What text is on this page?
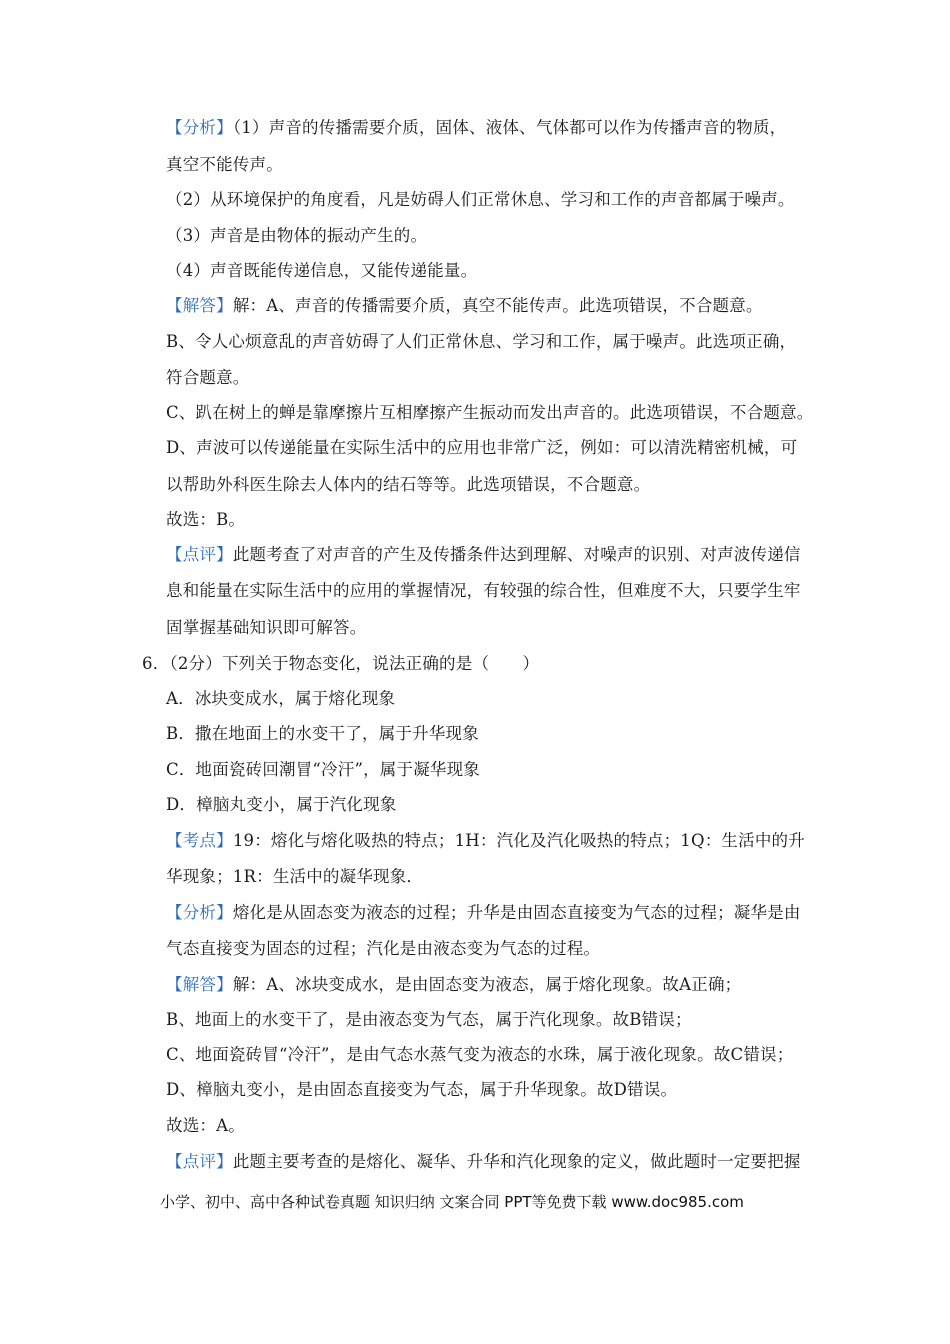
【分析】（1）声音的传播需要介质，固体、液体、气体都可以作为传播声音的物质，
真空不能传声。
（2）从环境保护的角度看，凡是妨碍人们正常休息、学习和工作的声音都属于噪声。
（3）声音是由物体的振动产生的。
（4）声音既能传递信息，又能传递能量。
【解答】解：A、声音的传播需要介质，真空不能传声。此选项错误，不合题意。
B、令人心烦意乱的声音妨碍了人们正常休息、学习和工作，属于噪声。此选项正确，
符合题意。
C、趴在树上的蝉是靠摩擦片互相摩擦产生振动而发出声音的。此选项错误，不合题意。
D、声波可以传递能量在实际生活中的应用也非常广泛，例如：可以清洗精密机械，可
以帮助外科医生除去人体内的结石等等。此选项错误，不合题意。
故选：B。
【点评】此题考查了对声音的产生及传播条件达到理解、对噪声的识别、对声波传递信
息和能量在实际生活中的应用的掌握情况，有较强的综合性，但难度不大，只要学生牢
固掌握基础知识即可解答。
6．（2分）下列关于物态变化，说法正确的是（　　）
A．冰块变成水，属于熔化现象
B．撒在地面上的水变干了，属于升华现象
C．地面瓷砖回潮冒“冷汗”，属于凝华现象
D．樟脑丸变小，属于汽化现象
【考点】19：熔化与熔化吸热的特点；1H：汽化及汽化吸热的特点；1Q：生活中的升
华现象；1R：生活中的凝华现象．
【分析】熔化是从固态变为液态的过程；升华是由固态直接变为气态的过程；凝华是由
气态直接变为固态的过程；汽化是由液态变为气态的过程。
【解答】解：A、冰块变成水，是由固态变为液态，属于熔化现象。故A正确；
B、地面上的水变干了，是由液态变为气态，属于汽化现象。故B错误；
C、地面瓷砖冒“冷汗”，是由气态水蒸气变为液态的水珠，属于液化现象。故C错误；
D、樟脑丸变小，是由固态直接变为气态，属于升华现象。故D错误。
故选：A。
【点评】此题主要考查的是熔化、凝华、升华和汽化现象的定义，做此题时一定要把握
小学、初中、高中各种试卷真题 知识归纳 文案合同 PPT等免费下载 www.doc985.com
